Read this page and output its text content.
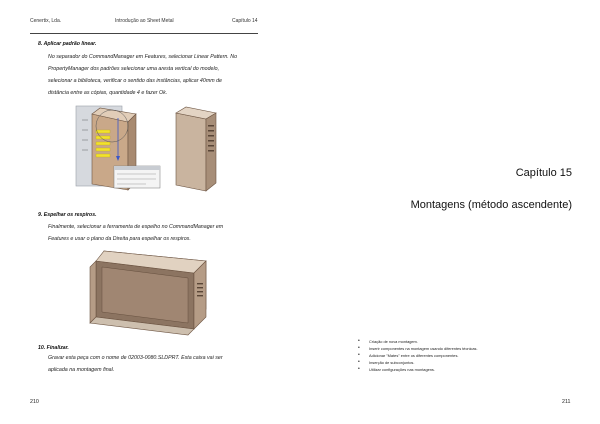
Cenertix, Lda.	Introdução ao Sheet Metal	Capítulo 14
8. Aplicar padrão linear.
No separador do CommandManager em Features, selecionar Linear Pattern. No
PropertyManager dos padrões selecionar uma aresta vertical do modelo,
selecionar a biblioteca, verificar o sentido das instâncias, aplicar 40mm de
distância entre as cópias, quantidade 4 e fazer Ok.
9. Espelhar os respiros.
Finalmente, selecionar a ferramenta de espelho no CommandManager em
Features e usar o plano da Direita para espelhar os respiros.
10. Finalizar.
Gravar esta peça com o nome de 02003-0080.SLDPRT. Esta caixa vai ser
aplicada na montagem final.
210
Capítulo 15
Montagens (método ascendente)
• Criação de nova montagem.
• Inserir componentes na montagem usando diferentes técnicas.
• Adicionar "Mates" entre os diferentes componentes.
• Inserção de subconjuntos.
• Utilizar configurações nas montagens.
211
